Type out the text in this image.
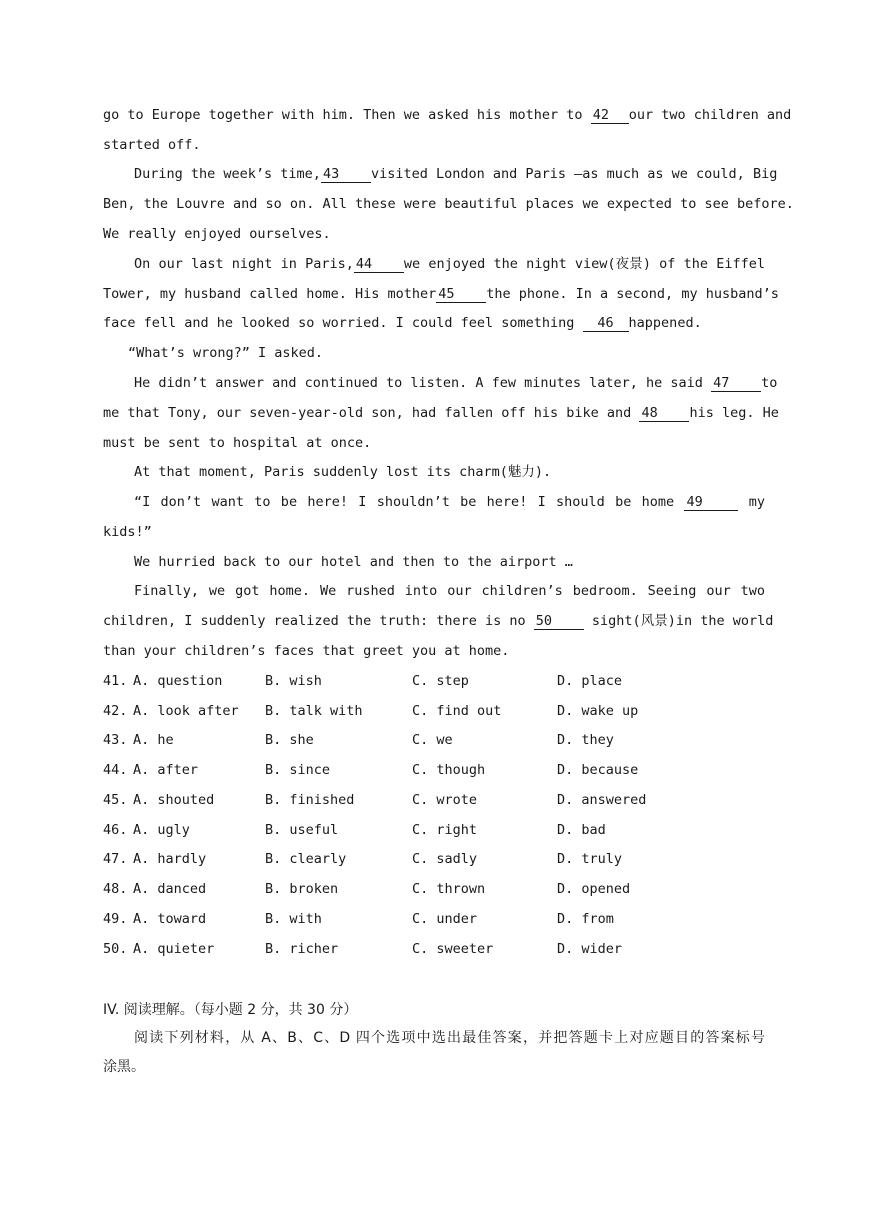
go to Europe together with him. Then we asked his mother to 42 our two children and
started off.
During the week’s time, 43 visited London and Paris –as much as we could, Big
Ben, the Louvre and so on. All these were beautiful places we expected to see before.
We really enjoyed ourselves.
On our last night in Paris, 44 we enjoyed the night view(夜景) of the Eiffel
Tower, my husband called home. His mother 45 the phone. In a second, my husband’s
face fell and he looked so worried. I could feel something 46 happened.
“What’s wrong?” I asked.
He didn’t answer and continued to listen. A few minutes later, he said 47 to
me that Tony, our seven-year-old son, had fallen off his bike and 48 his leg. He
must be sent to hospital at once.
At that moment, Paris suddenly lost its charm(魅力).
“I don’t want to be here! I shouldn’t be here! I should be home 49	my
kids!”
We hurried back to our hotel and then to the airport …
Finally, we got home. We rushed into our children’s bedroom. Seeing our two
children, I suddenly realized the truth: there is no 50	sight(风景)in the world
than your children’s faces that greet you at home.
41. A. question	B. wish	C. step	D. place
42. A. look after B. talk with	C. find out	D. wake up
43. A. he	B. she	C. we	D. they
44. A. after	B. since	C. though	D. because
45. A. shouted	B. finished	C. wrote	D. answered
46. A. ugly	B. useful	C. right	D. bad
47. A. hardly	B. clearly	C. sadly	D. truly
48. A. danced	B. broken	C. thrown	D. opened
49. A. toward	B. with	C. under	D. from
50. A. quieter	B. richer	C. sweeter	D. wider
IV. 阅读理解。（每小题 2 分，共 30 分）
阅读下列材料，从 A、B、C、D 四个选项中选出最佳答案，并把答题卡上对应题目的答案标号
涂黑。
